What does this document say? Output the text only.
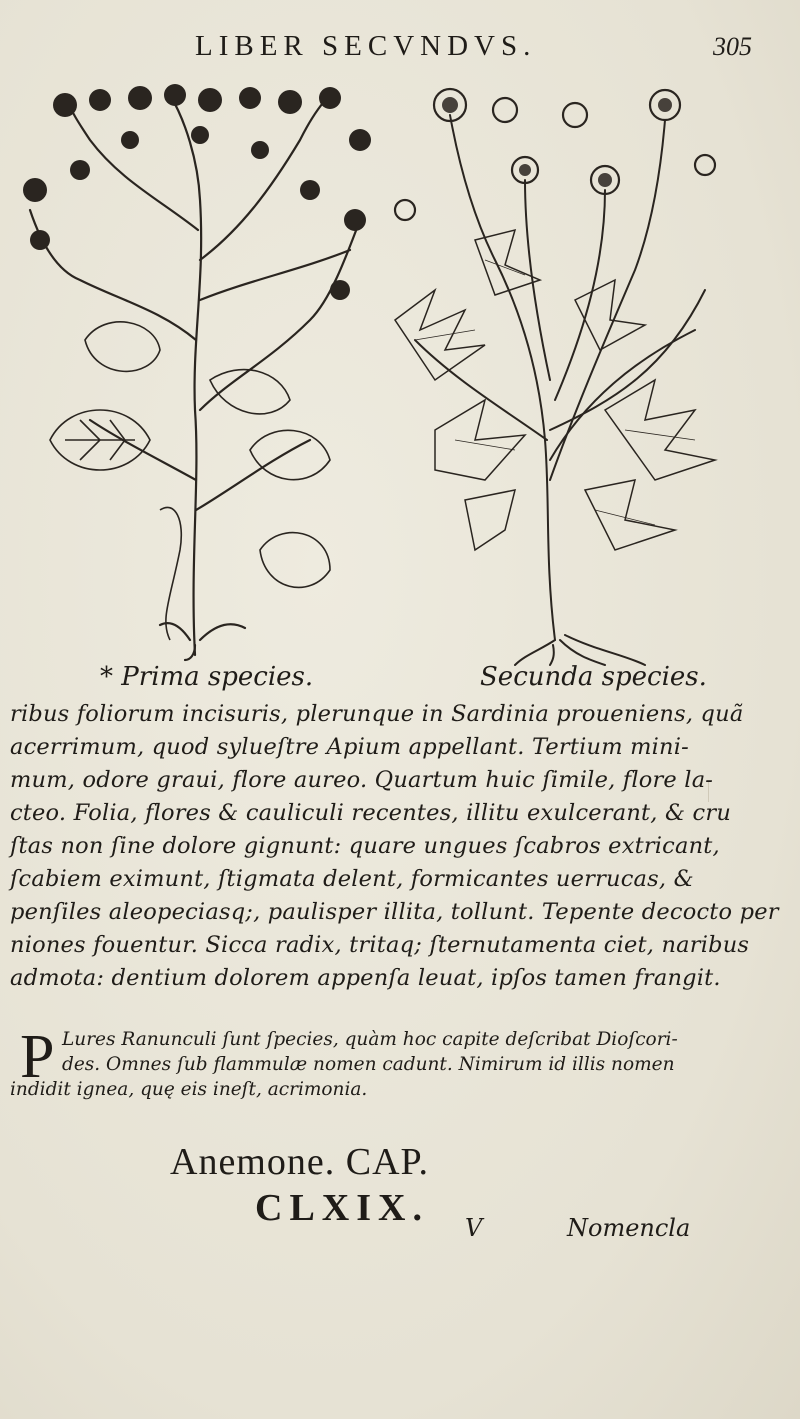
LIBER SECVNDVS.	305
* Prima species.	Secunda species.
ribus foliorum incisuris, plerunque in Sardinia proueniens, quã
acerrimum, quod sylueſtre Apium appellant. Tertium mini-
mum, odore graui, flore aureo. Quartum huic ſimile, flore la-
cteo. Folia, flores & cauliculi recentes, illitu exulcerant, & cru
ſtas non ſine dolore gignunt: quare ungues ſcabros extricant,
ſcabiem eximunt, ſtigmata delent, formicantes uerrucas, &
penſiles aleopeciasq;, paulisper illita, tollunt. Tepente decocto per
niones fouentur. Sicca radix, tritaq; ſternutamenta ciet, naribus
admota: dentium dolorem appenſa leuat, ipſos tamen frangit.
P Lures Ranunculi ſunt ſpecies, quàm hoc capite deſcribat Dioſcori-
des. Omnes ſub flammulæ nomen cadunt. Nimirum id illis nomen
indidit ignea, quę eis ineſt, acrimonia.
Anemone. CAP.
CLXIX.	V	Nomencla
